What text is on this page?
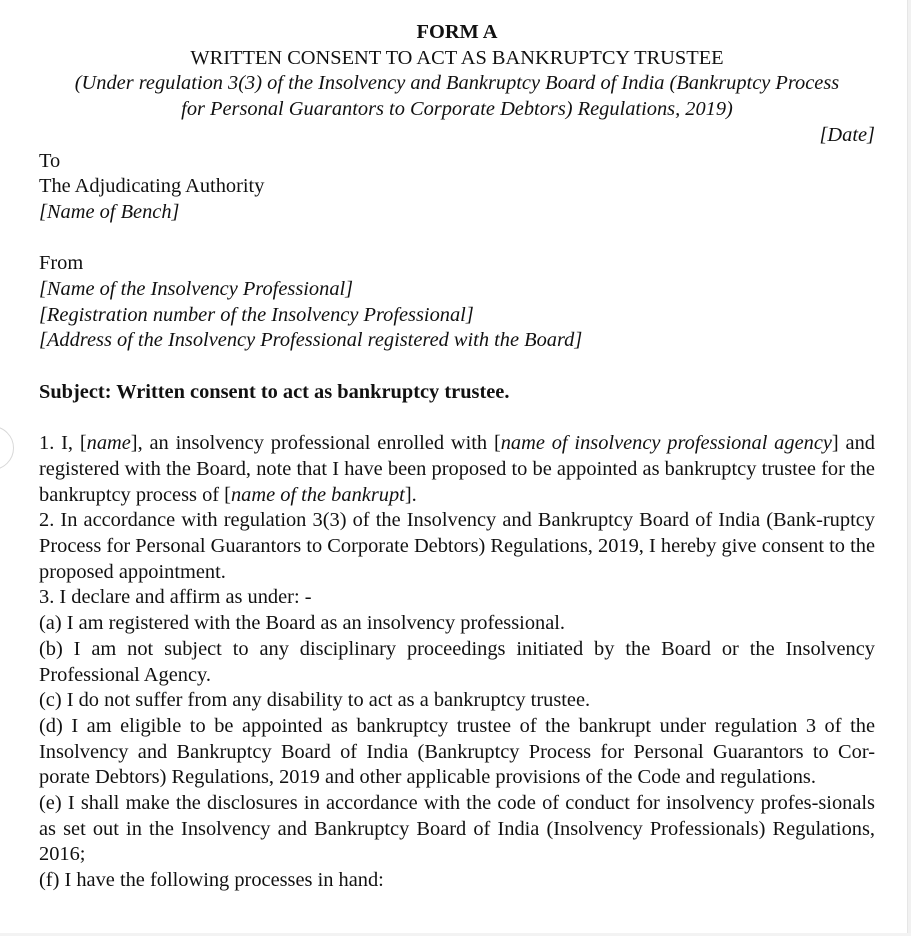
FORM A
WRITTEN CONSENT TO ACT AS BANKRUPTCY TRUSTEE
(Under regulation 3(3) of the Insolvency and Bankruptcy Board of India (Bankruptcy Process
for Personal Guarantors to Corporate Debtors) Regulations, 2019)
[Date]
To
The Adjudicating Authority
[Name of Bench]
From
[Name of the Insolvency Professional]
[Registration number of the Insolvency Professional]
[Address of the Insolvency Professional registered with the Board]
Subject: Written consent to act as bankruptcy trustee.
1. I, [name], an insolvency professional enrolled with [name of insolvency professional agency] and registered with the Board, note that I have been proposed to be appointed as bankruptcy trustee for the bankruptcy process of [name of the bankrupt].
2. In accordance with regulation 3(3) of the Insolvency and Bankruptcy Board of India (Bank-ruptcy Process for Personal Guarantors to Corporate Debtors) Regulations, 2019, I hereby give consent to the proposed appointment.
3. I declare and affirm as under: -
(a) I am registered with the Board as an insolvency professional.
(b) I am not subject to any disciplinary proceedings initiated by the Board or the Insolvency Professional Agency.
(c) I do not suffer from any disability to act as a bankruptcy trustee.
(d) I am eligible to be appointed as bankruptcy trustee of the bankrupt under regulation 3 of the Insolvency and Bankruptcy Board of India (Bankruptcy Process for Personal Guarantors to Cor-porate Debtors) Regulations, 2019 and other applicable provisions of the Code and regulations.
(e) I shall make the disclosures in accordance with the code of conduct for insolvency profes-sionals as set out in the Insolvency and Bankruptcy Board of India (Insolvency Professionals) Regulations, 2016;
(f) I have the following processes in hand:
